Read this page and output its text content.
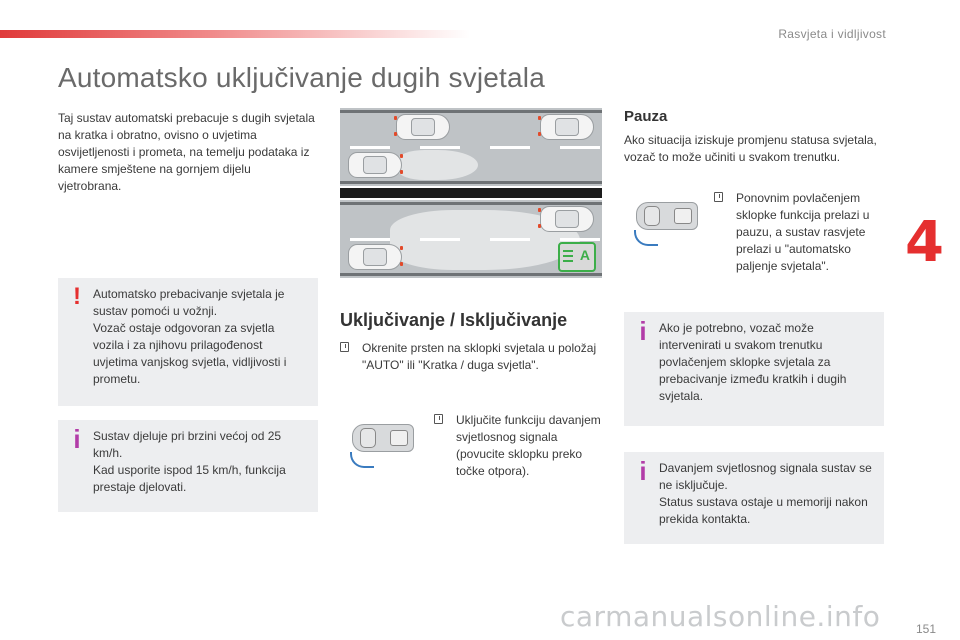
Rasvjeta i vidljivost
4
Automatsko uključivanje dugih svjetala
Taj sustav automatski prebacuje s dugih svjetala na kratka i obratno, ovisno o uvjetima osvijetljenosti i prometa, na temelju podataka iz kamere smještene na gornjem dijelu vjetrobrana.
! Automatsko prebacivanje svjetala je sustav pomoći u vožnji.
Vozač ostaje odgovoran za svjetla vozila i za njihovu prilagođenost uvjetima vanjskog svjetla, vidljivosti i prometu.
i Sustav djeluje pri brzini većoj od 25 km/h.
Kad usporite ispod 15 km/h, funkcija prestaje djelovati.
A
Uključivanje / Isključivanje
Okrenite prsten na sklopki svjetala u položaj "AUTO" ili "Kratka / duga svjetla".
Uključite funkciju davanjem svjetlosnog signala (povucite sklopku preko točke otpora).
Pauza
Ako situacija iziskuje promjenu statusa svjetala, vozač to može učiniti u svakom trenutku.
Ponovnim povlačenjem sklopke funkcija prelazi u pauzu, a sustav rasvjete prelazi u "automatsko paljenje svjetala".
i Ako je potrebno, vozač može intervenirati u svakom trenutku povlačenjem sklopke svjetala za prebacivanje između kratkih i dugih svjetala.
i Davanjem svjetlosnog signala sustav se ne isključuje.
Status sustava ostaje u memoriji nakon prekida kontakta.
carmanualsonline.info	151
